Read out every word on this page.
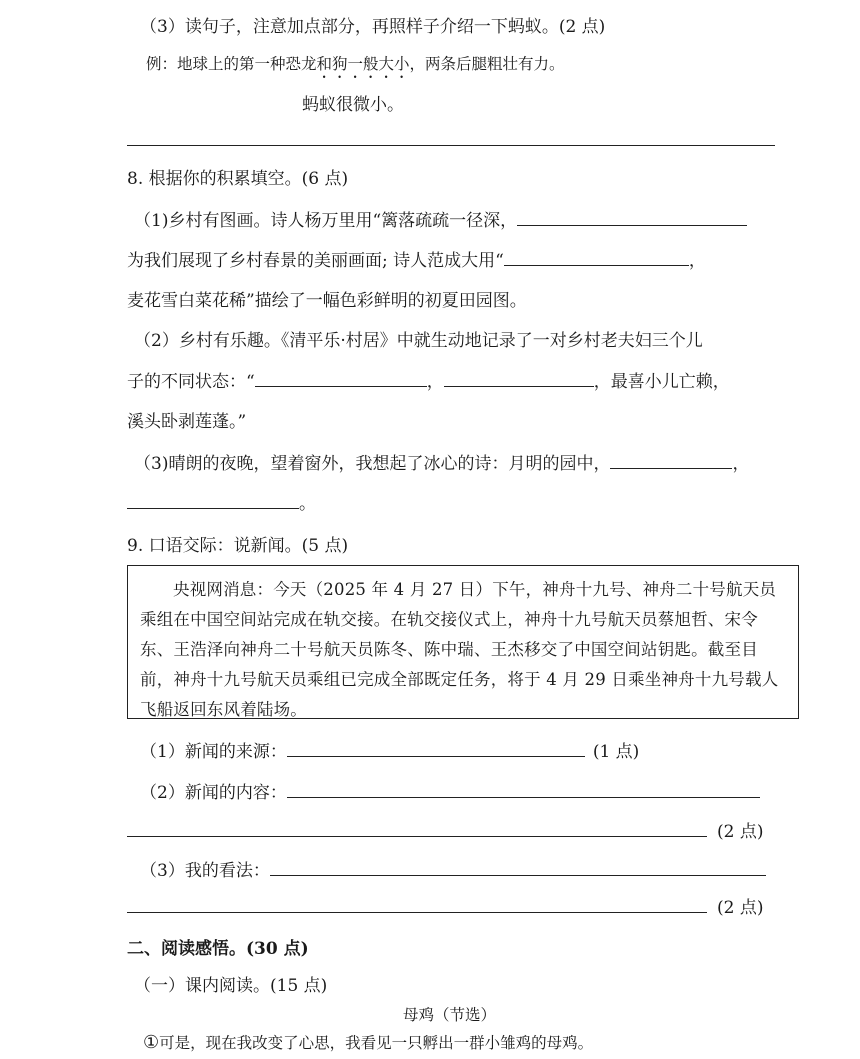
（3）读句子，注意加点部分，再照样子介绍一下蚂蚁。(2 点)
例：地球上的第一种恐龙和狗一般大小，两条后腿粗壮有力。
蚂蚁很微小。
8. 根据你的积累填空。(6 点)
（1)乡村有图画。诗人杨万里用“篱落疏疏一径深，
为我们展现了乡村春景的美丽画面; 诗人范成大用“	，
麦花雪白菜花稀”描绘了一幅色彩鲜明的初夏田园图。
（2）乡村有乐趣。《清平乐·村居》中就生动地记录了一对乡村老夫妇三个儿
子的不同状态：“	，	，最喜小儿亡赖，
溪头卧剥莲蓬。”
（3)晴朗的夜晚，望着窗外，我想起了冰心的诗：月明的园中，	，
。
9. 口语交际：说新闻。(5 点)
央视网消息：今天（2025 年 4 月 27 日）下午，神舟十九号、神舟二十号航天员乘组在中国空间站完成在轨交接。在轨交接仪式上，神舟十九号航天员蔡旭哲、宋令东、王浩泽向神舟二十号航天员陈冬、陈中瑞、王杰移交了中国空间站钥匙。截至目前，神舟十九号航天员乘组已完成全部既定任务，将于 4 月 29 日乘坐神舟十九号载人飞船返回东风着陆场。
（1）新闻的来源：	(1 点)
（2）新闻的内容：
(2 点)
（3）我的看法：
(2 点)
二、阅读感悟。(30 点)
（一）课内阅读。(15 点)
母鸡（节选）
①可是，现在我改变了心思，我看见一只孵出一群小雏鸡的母鸡。
